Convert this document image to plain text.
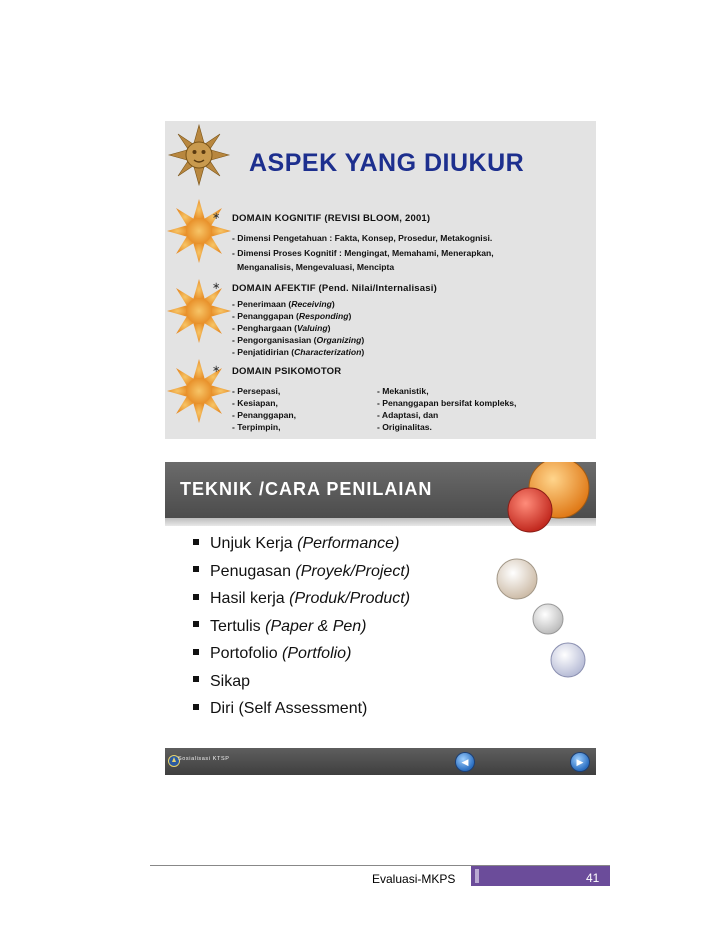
ASPEK YANG DIUKUR
∗ DOMAIN KOGNITIF (REVISI BLOOM, 2001)
- Dimensi Pengetahuan : Fakta, Konsep, Prosedur, Metakognisi.
- Dimensi Proses Kognitif : Mengingat, Memahami, Menerapkan,
Menganalisis, Mengevaluasi, Mencipta
∗ DOMAIN AFEKTIF (Pend. Nilai/Internalisasi)
- Penerimaan (Receiving)
- Penanggapan (Responding)
- Penghargaan (Valuing)
- Pengorganisasian (Organizing)
- Penjatidirian (Characterization)
∗ DOMAIN PSIKOMOTOR
- Persepasi,
- Kesiapan,
- Penanggapan,
- Terpimpin,
- Mekanistik,
- Penanggapan bersifat kompleks,
- Adaptasi, dan
- Originalitas.
TEKNIK /CARA PENILAIAN
Unjuk Kerja (Performance)
Penugasan (Proyek/Project)
Hasil kerja (Produk/Product)
Tertulis (Paper & Pen)
Portofolio (Portfolio)
Sikap
Diri (Self Assessment)
Sosialisasi KTSP	◀	▶
Evaluasi-MKPS	41
